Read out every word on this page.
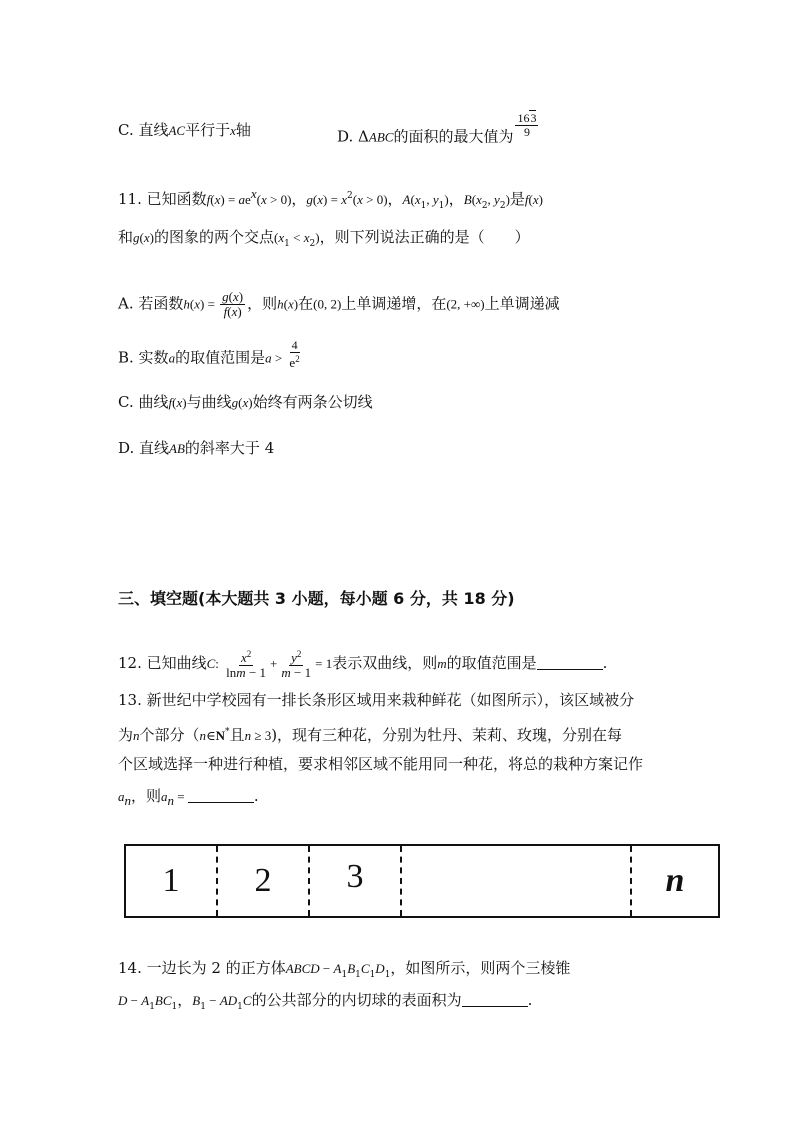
C. 直线AC平行于x轴	D. ΔABC的面积的最大值为 $\frac{163}{9}$
11. 已知函数$f(x) = ae^x(x > 0)$，$g(x) = x^2(x > 0)$，$A(x_1$, $y_1$)，$B(x_2$, $y_2$)是f(x)
和g(x)的图象的两个交点$(x_1 < x_2)$，则下列说法正确的是（　　）
A. 若函数$h(x) = \frac{g(x)}{f(x)}$ ，则h(x)在(0, 2)上单调递增，在(2, +∞)上单调递减
B. 实数a的取值范围是$a > \frac{4}{e^2}$
C. 曲线f(x)与曲线g(x)始终有两条公切线
D. 直线AB的斜率大于 4
三、填空题(本大题共 3 小题，每小题 6 分，共 18 分)
12. 已知曲线C: $\frac{x^2}{\ln m - 1} + \frac{y^2}{m - 1} = 1$表示双曲线，则m的取值范围是	.
13. 新世纪中学校园有一排长条形区域用来栽种鲜花（如图所示），该区域被分
为n个部分（n∈N*且n ≥ 3)，现有三种花，分别为牡丹、茉莉、玫瑰，分别在每
个区域选择一种进行种植，要求相邻区域不能用同一种花，将总的栽种方案记作
$a_n$，则$a_n$ =	.
1	2	3	n
14. 一边长为 2 的正方体ABCD − $A_1B_1C_1D_1$，如图所示，则两个三棱锥
$D - A_1BC_1$，$B_1 - AD_1C$的公共部分的内切球的表面积为	.
